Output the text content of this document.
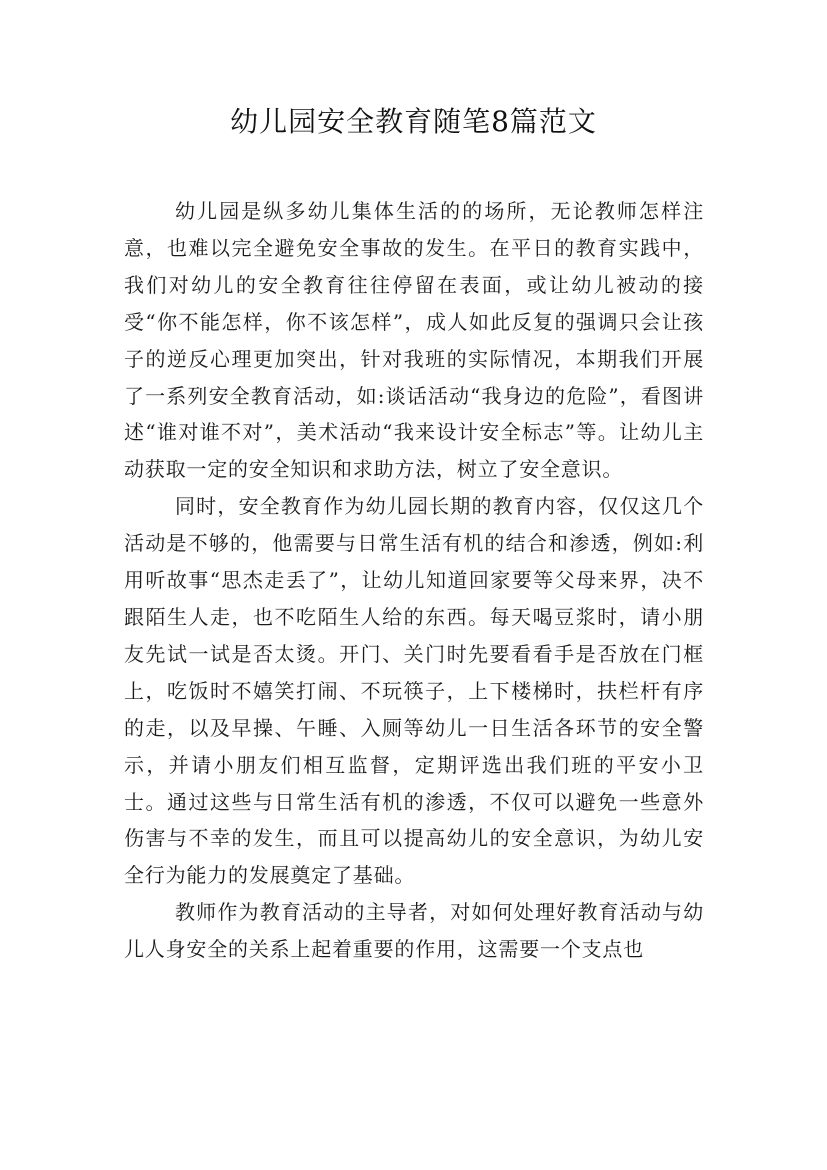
幼儿园安全教育随笔8篇范文

幼儿园是纵多幼儿集体生活的的场所，无论教师怎样注意，也难以完全避免安全事故的发生。在平日的教育实践中，我们对幼儿的安全教育往往停留在表面，或让幼儿被动的接受“你不能怎样，你不该怎样”，成人如此反复的强调只会让孩子的逆反心理更加突出，针对我班的实际情况，本期我们开展了一系列安全教育活动，如:谈话活动“我身边的危险”，看图讲述“谁对谁不对”，美术活动“我来设计安全标志”等。让幼儿主动获取一定的安全知识和求助方法，树立了安全意识。

同时，安全教育作为幼儿园长期的教育内容，仅仅这几个活动是不够的，他需要与日常生活有机的结合和渗透，例如:利用听故事“思杰走丢了”，让幼儿知道回家要等父母来界，决不跟陌生人走，也不吃陌生人给的东西。每天喝豆浆时，请小朋友先试一试是否太烫。开门、关门时先要看看手是否放在门框上，吃饭时不嬉笑打闹、不玩筷子，上下楼梯时，扶栏杆有序的走，以及早操、午睡、入厕等幼儿一日生活各环节的安全警示，并请小朋友们相互监督，定期评选出我们班的平安小卫士。通过这些与日常生活有机的渗透，不仅可以避免一些意外伤害与不幸的发生，而且可以提高幼儿的安全意识，为幼儿安全行为能力的发展奠定了基础。

教师作为教育活动的主导者，对如何处理好教育活动与幼儿人身安全的关系上起着重要的作用，这需要一个支点也
